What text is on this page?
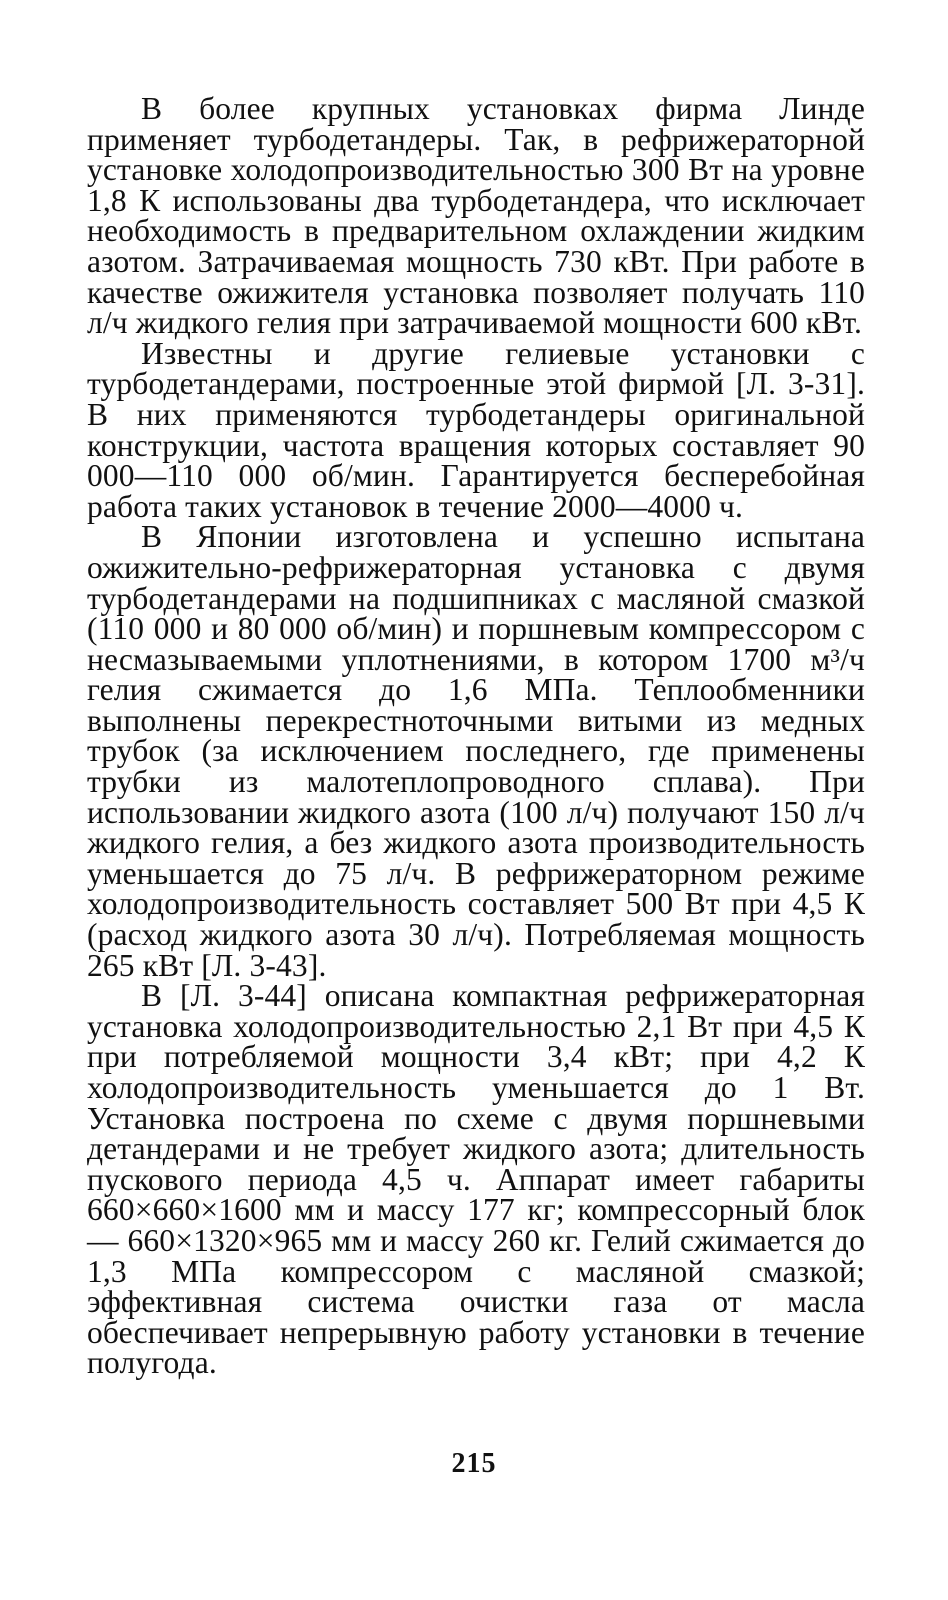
В более крупных установках фирма Линде применяет турбодетандеры. Так, в рефрижераторной установке холодопроизводительностью 300 Вт на уровне 1,8 К использованы два турбодетандера, что исключает необходимость в предварительном охлаждении жидким азотом. Затрачиваемая мощность 730 кВт. При работе в качестве ожижителя установка позволяет получать 110 л/ч жидкого гелия при затрачиваемой мощности 600 кВт.

Известны и другие гелиевые установки с турбодетандерами, построенные этой фирмой [Л. 3-31]. В них применяются турбодетандеры оригинальной конструкции, частота вращения которых составляет 90 000—110 000 об/мин. Гарантируется бесперебойная работа таких установок в течение 2000—4000 ч.

В Японии изготовлена и успешно испытана ожижительно-рефрижераторная установка с двумя турбодетандерами на подшипниках с масляной смазкой (110 000 и 80 000 об/мин) и поршневым компрессором с несмазываемыми уплотнениями, в котором 1700 м³/ч гелия сжимается до 1,6 МПа. Теплообменники выполнены перекрестноточными витыми из медных трубок (за исключением последнего, где применены трубки из малотеплопроводного сплава). При использовании жидкого азота (100 л/ч) получают 150 л/ч жидкого гелия, а без жидкого азота производительность уменьшается до 75 л/ч. В рефрижераторном режиме холодопроизводительность составляет 500 Вт при 4,5 К (расход жидкого азота 30 л/ч). Потребляемая мощность 265 кВт [Л. 3-43].

В [Л. 3-44] описана компактная рефрижераторная установка холодопроизводительностью 2,1 Вт при 4,5 К при потребляемой мощности 3,4 кВт; при 4,2 К холодопроизводительность уменьшается до 1 Вт. Установка построена по схеме с двумя поршневыми детандерами и не требует жидкого азота; длительность пускового периода 4,5 ч. Аппарат имеет габариты 660×660×1600 мм и массу 177 кг; компрессорный блок — 660×1320×965 мм и массу 260 кг. Гелий сжимается до 1,3 МПа компрессором с масляной смазкой; эффективная система очистки газа от масла обеспечивает непрерывную работу установки в течение полугода.

215
